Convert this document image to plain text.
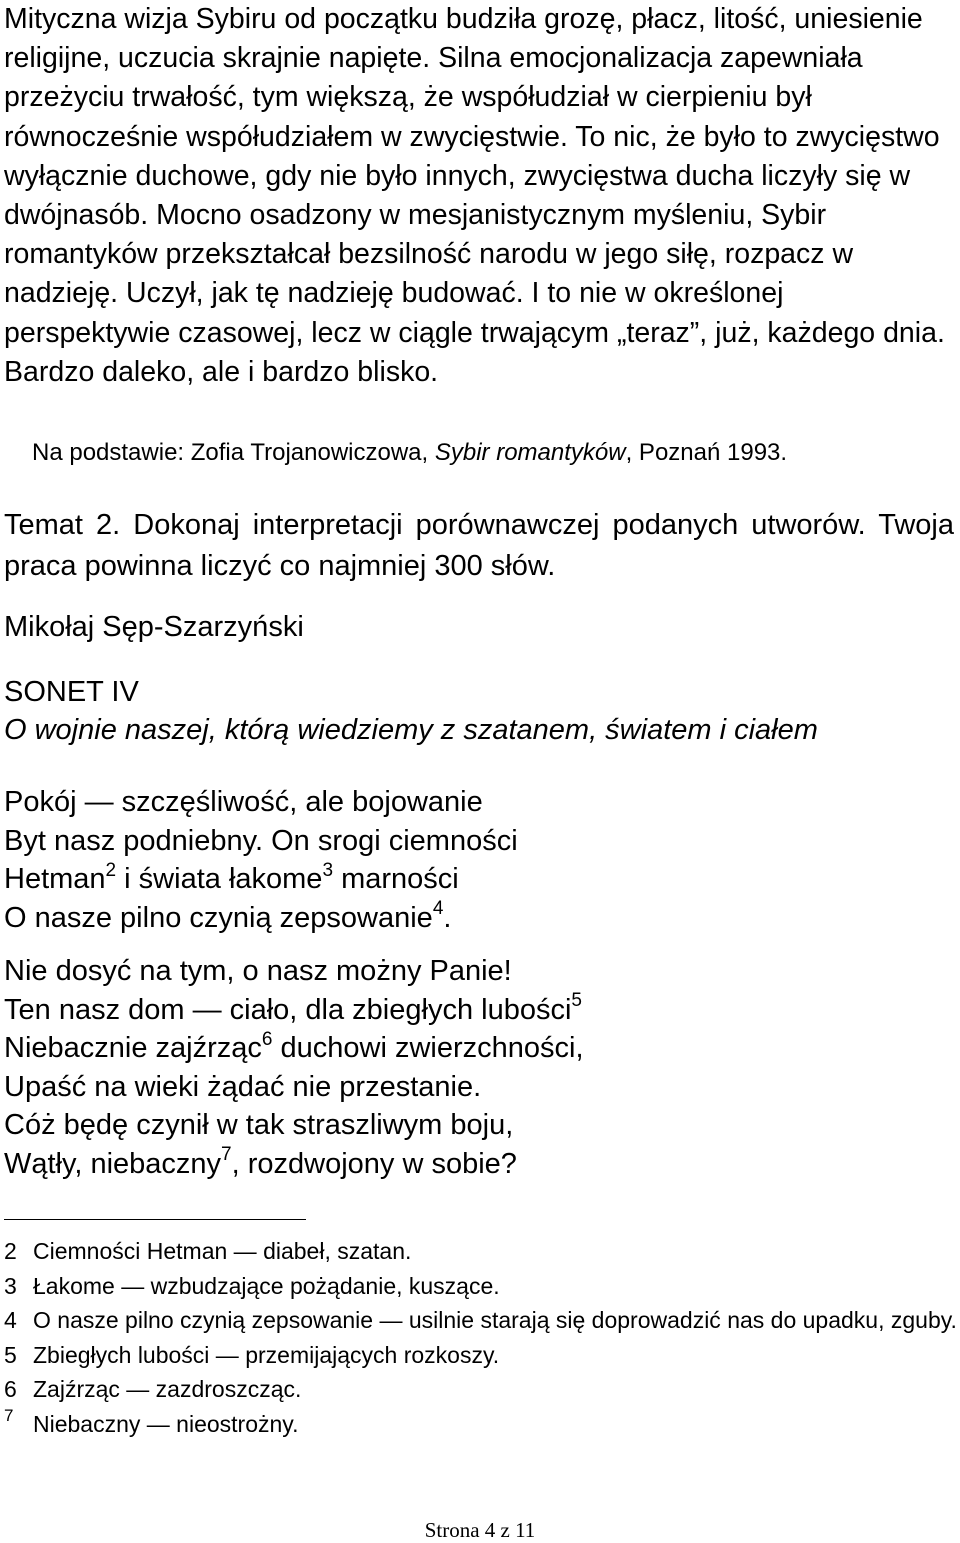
Mityczna wizja Sybiru od początku budziła grozę, płacz, litość, uniesienie religijne, uczucia skrajnie napięte. Silna emocjonalizacja zapewniała przeżyciu trwałość, tym większą, że współudział w cierpieniu był równocześnie współudziałem w zwycięstwie. To nic, że było to zwycięstwo wyłącznie duchowe, gdy nie było innych, zwycięstwa ducha liczyły się w dwójnasób. Mocno osadzony w mesjanistycznym myśleniu, Sybir romantyków przekształcał bezsilność narodu w jego siłę, rozpacz w nadzieję. Uczył, jak tę nadzieję budować. I to nie w określonej perspektywie czasowej, lecz w ciągle trwającym „teraz”, już, każdego dnia. Bardzo daleko, ale i bardzo blisko.

Na podstawie: Zofia Trojanowiczowa, Sybir romantyków, Poznań 1993.

Temat 2. Dokonaj interpretacji porównawczej podanych utworów. Twoja praca powinna liczyć co najmniej 300 słów.

Mikołaj Sęp-Szarzyński
SONET IV
O wojnie naszej, którą wiedziemy z szatanem, światem i ciałem
Pokój — szczęśliwość, ale bojowanie
Byt nasz podniebny. On srogi ciemności
Hetman$^2$ i świata łakome$^3$ marności
O nasze pilno czynią zepsowanie$^4$.
Nie dosyć na tym, o nasz możny Panie!
Ten nasz dom — ciało, dla zbiegłych lubości$^5$
Niebacznie zajźrząc$^6$ duchowi zwierzchności,
Upaść na wieki żądać nie przestanie.
Cóż będę czynił w tak straszliwym boju,
Wątły, niebaczny$^7$, rozdwojony w sobie?
2 Ciemności Hetman — diabeł, szatan.
3 Łakome — wzbudzające pożądanie, kuszące.
4 O nasze pilno czynią zepsowanie — usilnie starają się doprowadzić nas do upadku, zguby.
5 Zbiegłych lubości — przemijających rozkoszy.
6 Zajźrząc — zazdroszcząc.
7 Niebaczny — nieostrożny.
Strona 4 z 11
